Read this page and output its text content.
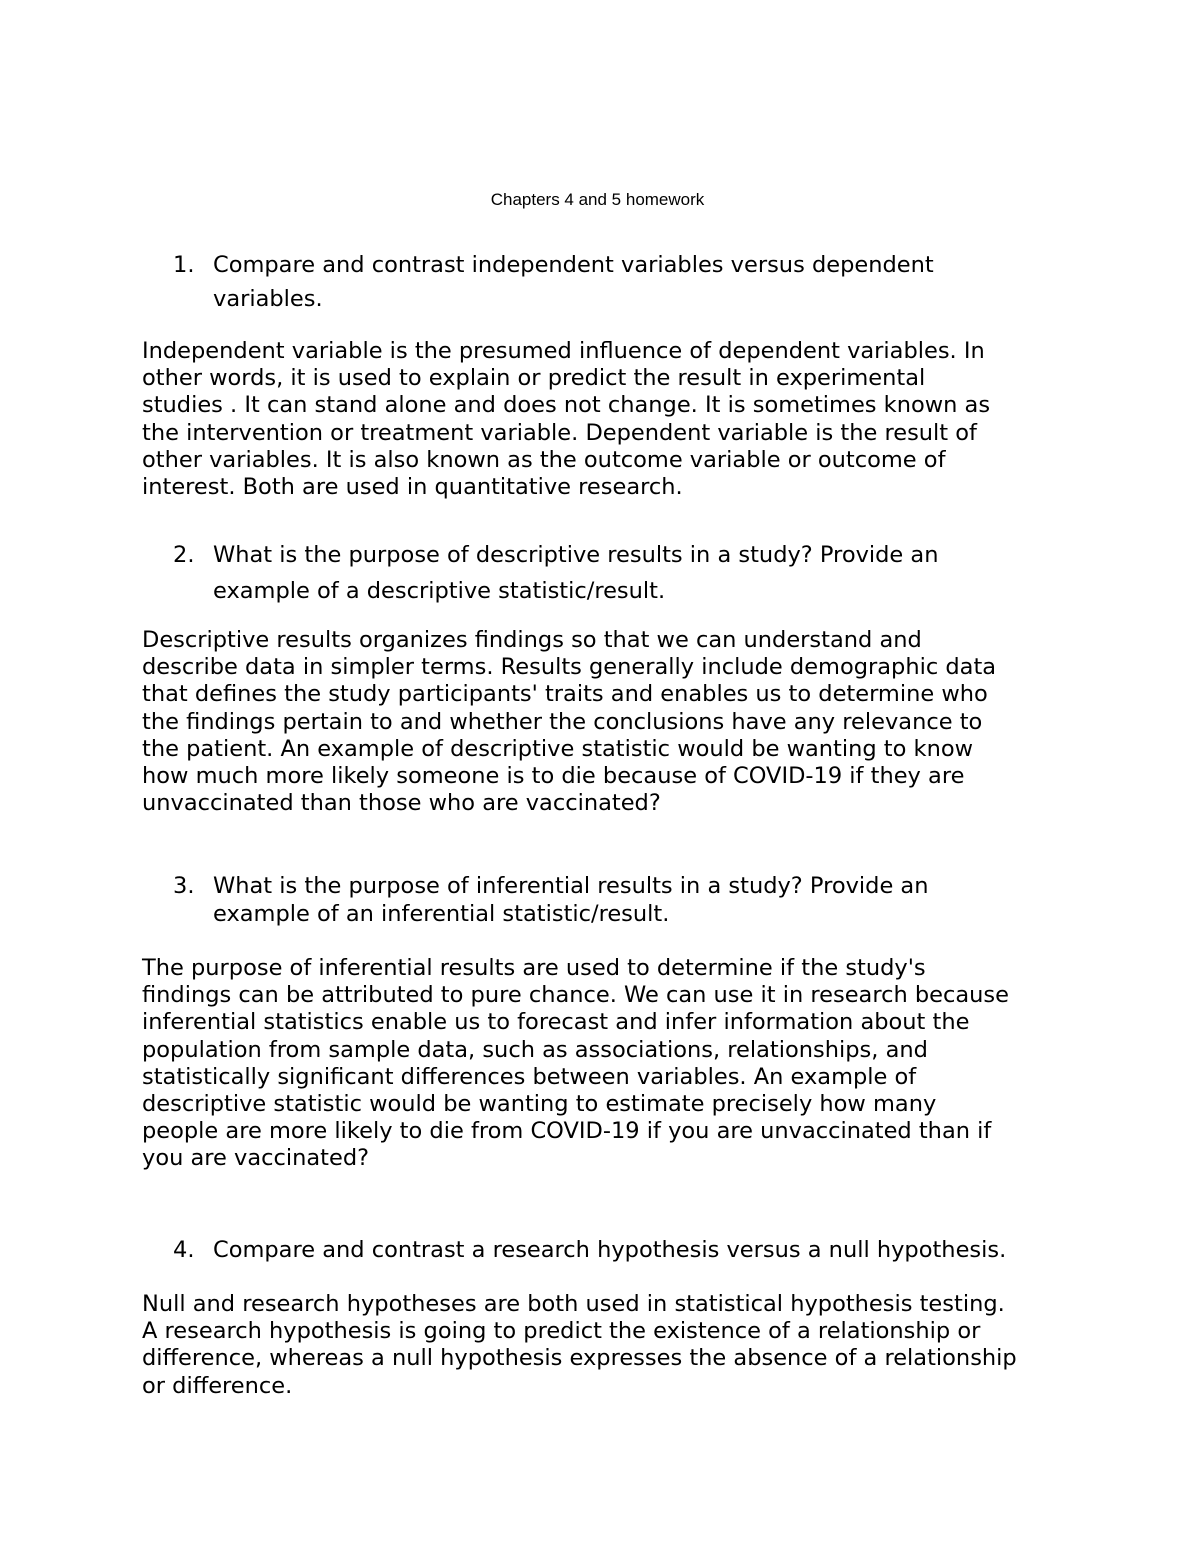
Chapters 4 and 5 homework
1. Compare and contrast independent variables versus dependent
variables.
Independent variable is the presumed influence of dependent variables. In
other words, it is used to explain or predict the result in experimental
studies . It can stand alone and does not change. It is sometimes known as
the intervention or treatment variable. Dependent variable is the result of
other variables. It is also known as the outcome variable or outcome of
interest. Both are used in quantitative research.
2. What is the purpose of descriptive results in a study? Provide an
example of a descriptive statistic/result.
Descriptive results organizes findings so that we can understand and
describe data in simpler terms. Results generally include demographic data
that defines the study participants' traits and enables us to determine who
the findings pertain to and whether the conclusions have any relevance to
the patient. An example of descriptive statistic would be wanting to know
how much more likely someone is to die because of COVID-19 if they are
unvaccinated than those who are vaccinated?
3. What is the purpose of inferential results in a study? Provide an
example of an inferential statistic/result.
The purpose of inferential results are used to determine if the study's
findings can be attributed to pure chance. We can use it in research because
inferential statistics enable us to forecast and infer information about the
population from sample data, such as associations, relationships, and
statistically significant differences between variables. An example of
descriptive statistic would be wanting to estimate precisely how many
people are more likely to die from COVID-19 if you are unvaccinated than if
you are vaccinated?
4. Compare and contrast a research hypothesis versus a null hypothesis.
Null and research hypotheses are both used in statistical hypothesis testing.
A research hypothesis is going to predict the existence of a relationship or
difference, whereas a null hypothesis expresses the absence of a relationship
or difference.
